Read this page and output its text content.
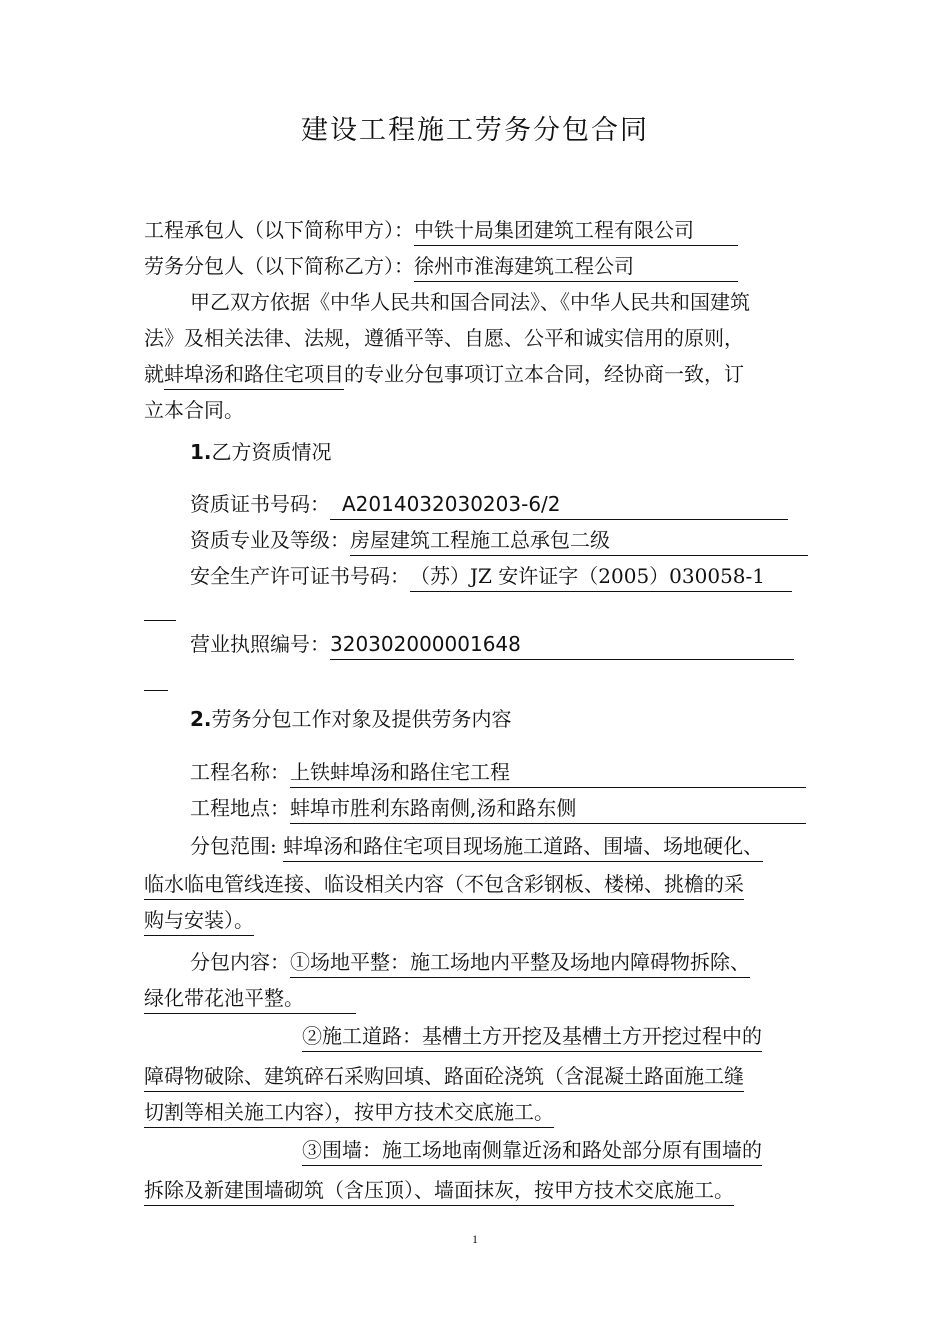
建设工程施工劳务分包合同
工程承包人（以下简称甲方）：中铁十局集团建筑工程有限公司
劳务分包人（以下简称乙方）：徐州市淮海建筑工程公司
甲乙双方依据《中华人民共和国合同法》、《中华人民共和国建筑
法》及相关法律、法规，遵循平等、自愿、公平和诚实信用的原则，
就蚌埠汤和路住宅项目的专业分包事项订立本合同，经协商一致，订
立本合同。
1.乙方资质情况
资质证书号码： A2014032030203-6/2
资质专业及等级：房屋建筑工程施工总承包二级
安全生产许可证书号码：（苏）JZ 安许证字（2005）030058-1
营业执照编号：320302000001648
2.劳务分包工作对象及提供劳务内容
工程名称：上铁蚌埠汤和路住宅工程
工程地点：蚌埠市胜利东路南侧,汤和路东侧
分包范围: 蚌埠汤和路住宅项目现场施工道路、围墙、场地硬化、
临水临电管线连接、临设相关内容（不包含彩钢板、楼梯、挑檐的采
购与安装）。
分包内容：①场地平整：施工场地内平整及场地内障碍物拆除、
绿化带花池平整。
②施工道路：基槽土方开挖及基槽土方开挖过程中的
障碍物破除、建筑碎石采购回填、路面砼浇筑（含混凝土路面施工缝
切割等相关施工内容），按甲方技术交底施工。
③围墙：施工场地南侧靠近汤和路处部分原有围墙的
拆除及新建围墙砌筑（含压顶）、墙面抹灰，按甲方技术交底施工。
1
